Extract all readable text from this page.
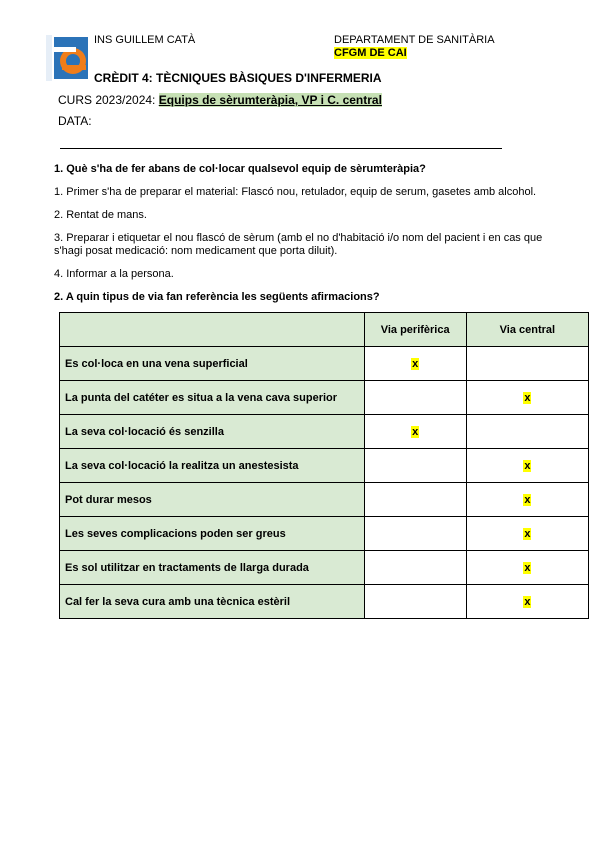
INS GUILLEM CATÀ	DEPARTAMENT DE SANITÀRIA
CFGM DE CAI
CRÈDIT 4: TÈCNIQUES BÀSIQUES D'INFERMERIA
CURS 2023/2024: Equips de sèrumteràpia, VP i C. central
DATA:
1. Què s'ha de fer abans de col·locar qualsevol equip de sèrumteràpia?
1. Primer s'ha de preparar el material: Flascó nou, retulador, equip de serum, gasetes amb alcohol.
2. Rentat de mans.
3. Preparar i etiquetar el nou flascó de sèrum (amb el no d'habitació i/o nom del pacient i en cas que s'hagi posat medicació: nom medicament que porta diluit).
4. Informar a la persona.
2. A quin tipus de via fan referència les següents afirmacions?
	Via perifèrica	Via central
Es col·loca en una vena superficial	x	
La punta del catéter es situa a la vena cava superior		x
La seva col·locació és senzilla	x	
La seva col·locació la realitza un anestesista		x
Pot durar mesos		x
Les seves complicacions poden ser greus		x
Es sol utilitzar en tractaments de llarga durada		x
Cal fer la seva cura amb una tècnica estèril		x
